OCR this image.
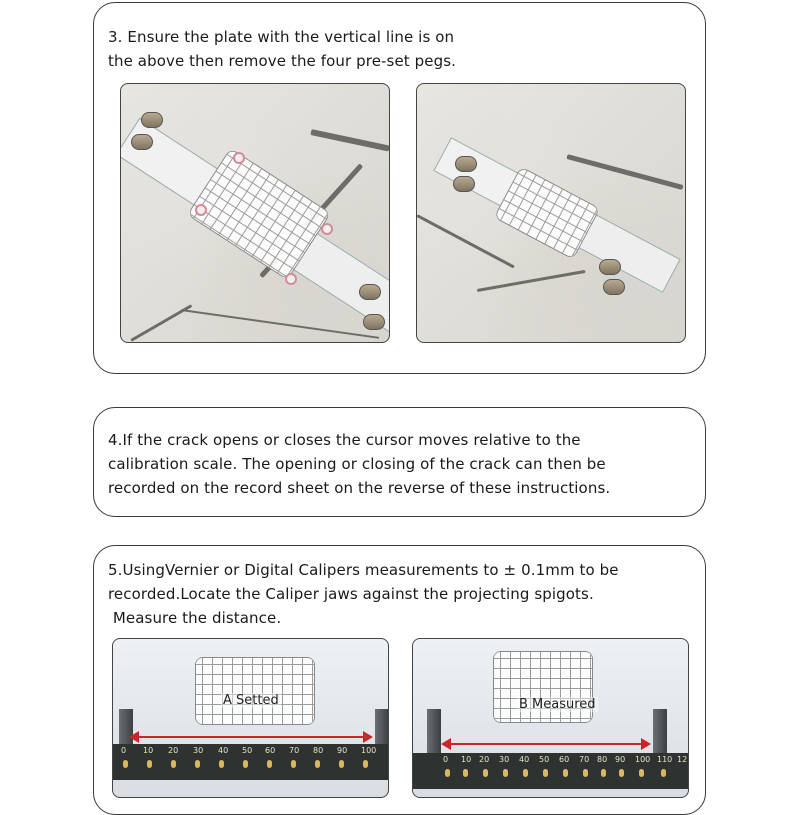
3. Ensure the plate with the vertical line is on
the above then remove the four pre-set pegs.
4.If the crack opens or closes the cursor moves relative to the
calibration scale. The opening or closing of the crack can then be
recorded on the record sheet on the reverse of these instructions.
5.UsingVernier or Digital Calipers measurements to ± 0.1mm to be
recorded.Locate the Caliper jaws against the projecting spigots.
Measure the distance.
A Setted
0 10 20 30 40 50 60 70 80 90 100
B Measured
0 10 20 30 40 50 60 70 80 90 100 110 12
